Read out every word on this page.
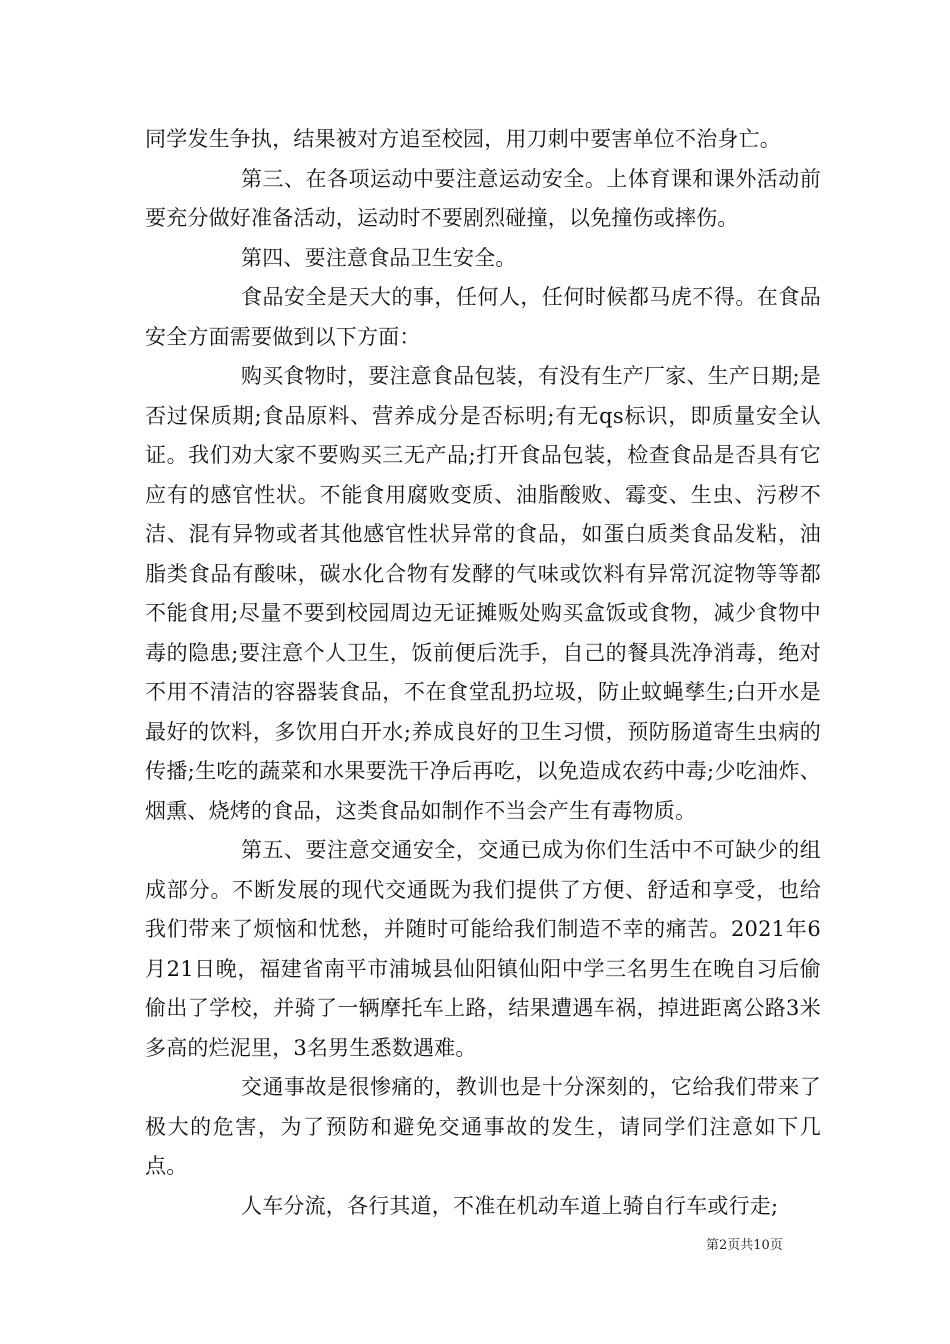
同学发生争执，结果被对方追至校园，用刀刺中要害单位不治身亡。

第三、在各项运动中要注意运动安全。上体育课和课外活动前要充分做好准备活动，运动时不要剧烈碰撞，以免撞伤或摔伤。

第四、要注意食品卫生安全。

食品安全是天大的事，任何人，任何时候都马虎不得。在食品安全方面需要做到以下方面：

购买食物时，要注意食品包装，有没有生产厂家、生产日期;是否过保质期;食品原料、营养成分是否标明;有无qs标识，即质量安全认证。我们劝大家不要购买三无产品;打开食品包装，检查食品是否具有它应有的感官性状。不能食用腐败变质、油脂酸败、霉变、生虫、污秽不洁、混有异物或者其他感官性状异常的食品，如蛋白质类食品发粘，油脂类食品有酸味，碳水化合物有发酵的气味或饮料有异常沉淀物等等都不能食用;尽量不要到校园周边无证摊贩处购买盒饭或食物，减少食物中毒的隐患;要注意个人卫生，饭前便后洗手，自己的餐具洗净消毒，绝对不用不清洁的容器装食品，不在食堂乱扔垃圾，防止蚊蝇孳生;白开水是最好的饮料，多饮用白开水;养成良好的卫生习惯，预防肠道寄生虫病的传播;生吃的蔬菜和水果要洗干净后再吃，以免造成农药中毒;少吃油炸、烟熏、烧烤的食品，这类食品如制作不当会产生有毒物质。

第五、要注意交通安全，交通已成为你们生活中不可缺少的组成部分。不断发展的现代交通既为我们提供了方便、舒适和享受，也给我们带来了烦恼和忧愁，并随时可能给我们制造不幸的痛苦。2021年6月21日晚，福建省南平市浦城县仙阳镇仙阳中学三名男生在晚自习后偷偷出了学校，并骑了一辆摩托车上路，结果遭遇车祸，掉进距离公路3米多高的烂泥里，3名男生悉数遇难。

交通事故是很惨痛的，教训也是十分深刻的，它给我们带来了极大的危害，为了预防和避免交通事故的发生，请同学们注意如下几点。

人车分流，各行其道，不准在机动车道上骑自行车或行走;

第2页共10页
